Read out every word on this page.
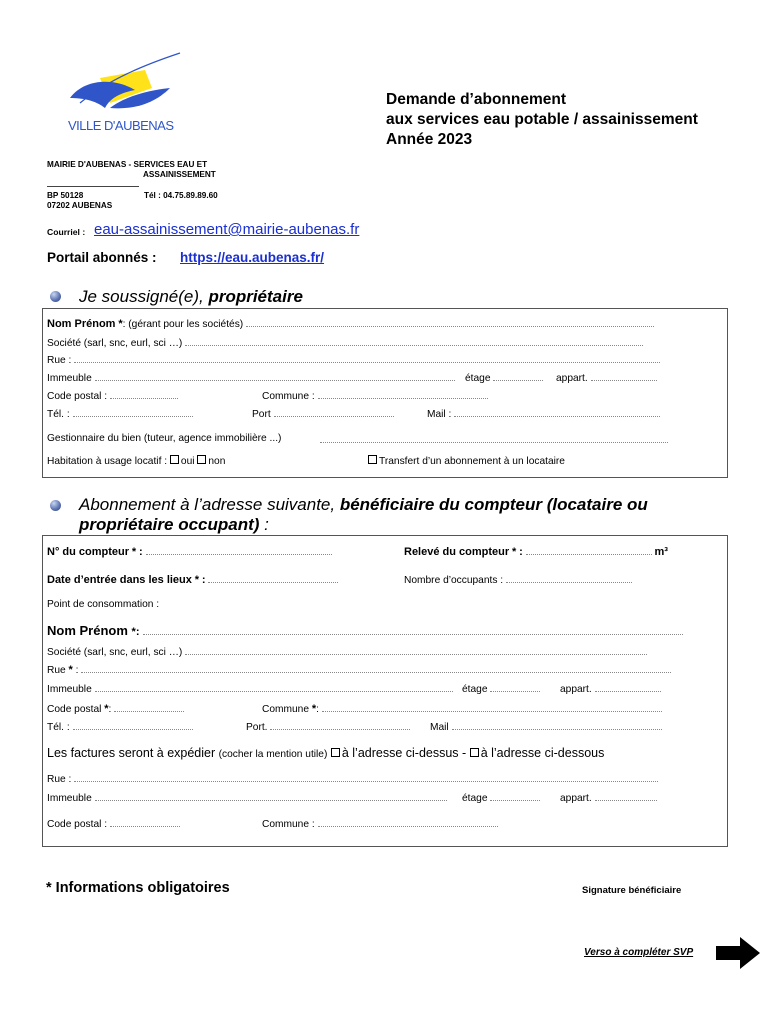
VILLE D'AUBENAS
Demande d’abonnement
aux services eau potable / assainissement
Année 2023
MAIRIE D'AUBENAS - SERVICES EAU ET
ASSAINISSEMENT
BP 50128
07202 AUBENAS
Tél : 04.75.89.89.60
Courriel : eau-assainissement@mairie-aubenas.fr
Portail abonnés : https://eau.aubenas.fr/
Je soussigné(e), propriétaire
Nom Prénom *: (gérant pour les sociétés)
Société (sarl, snc, eurl, sci …)
Rue :
Immeuble	étage	appart.
Code postal :	Commune :
Tél. :	Port	Mail :
Gestionnaire du bien (tuteur, agence immobilière ...)
Habitation à usage locatif : oui non	Transfert d’un abonnement à un locataire
Abonnement à l’adresse suivante, bénéficiaire du compteur (locataire ou
propriétaire occupant) :
N° du compteur * :	Relevé du compteur * :	m³
Date d’entrée dans les lieux * :	Nombre d’occupants :
Point de consommation :
Nom Prénom *:
Société (sarl, snc, eurl, sci …)
Rue * :
Immeuble	étage	appart.
Code postal *:	Commune *:
Tél. :	Port.	Mail
Les factures seront à expédier (cocher la mention utile) à l’adresse ci-dessus - à l’adresse ci-dessous
Rue :
Immeuble	étage	appart.
Code postal :	Commune :
* Informations obligatoires	Signature bénéficiaire
Verso à compléter SVP
